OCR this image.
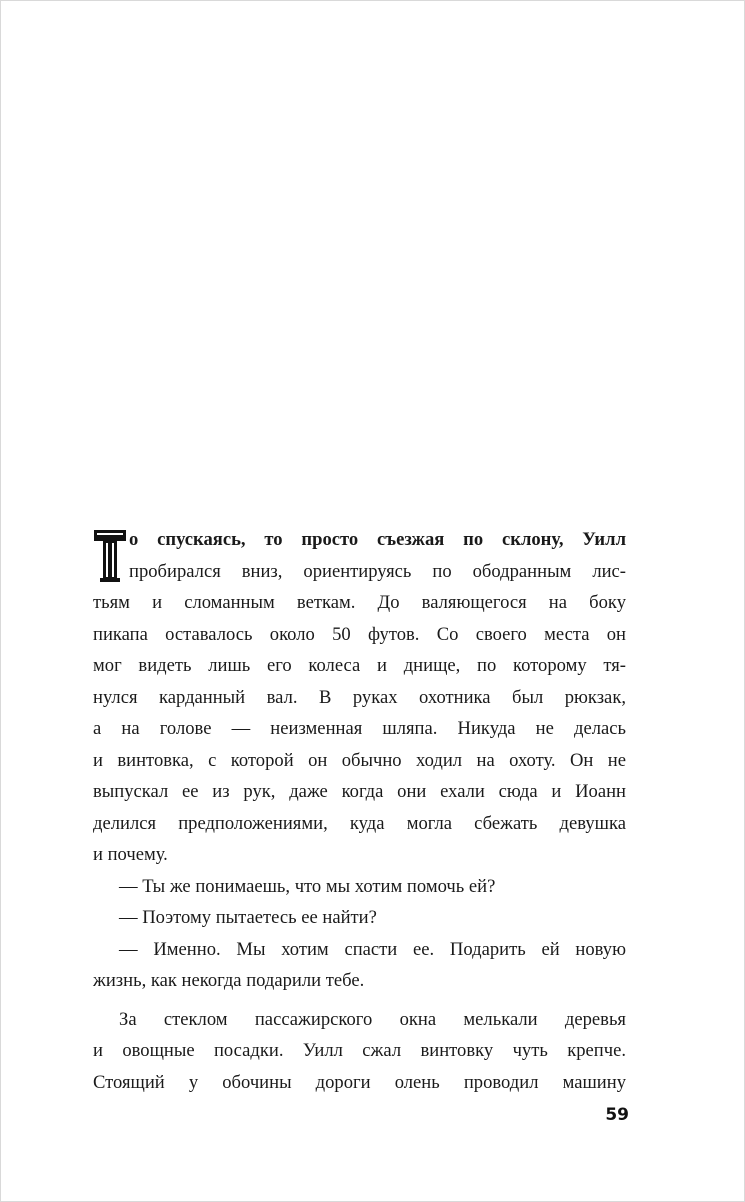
о спускаясь, то просто съезжая по склону, Уилл
пробирался вниз, ориентируясь по ободранным лис-
тьям и сломанным веткам. До валяющегося на боку
пикапа оставалось около 50 футов. Со своего места он
мог видеть лишь его колеса и днище, по которому тя-
нулся карданный вал. В руках охотника был рюкзак,
а на голове — неизменная шляпа. Никуда не делась
и винтовка, с которой он обычно ходил на охоту. Он не
выпускал ее из рук, даже когда они ехали сюда и Иоанн
делился предположениями, куда могла сбежать девушка
и почему.
— Ты же понимаешь, что мы хотим помочь ей?
— Поэтому пытаетесь ее найти?
— Именно. Мы хотим спасти ее. Подарить ей новую
жизнь, как некогда подарили тебе.
За стеклом пассажирского окна мелькали деревья
и овощные посадки. Уилл сжал винтовку чуть крепче.
Стоящий у обочины дороги олень проводил машину
59
